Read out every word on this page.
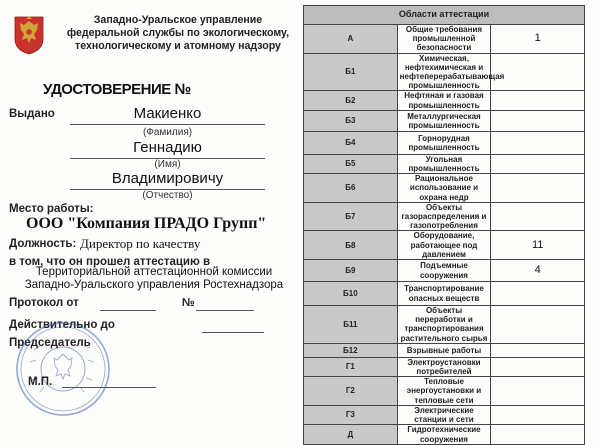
Западно-Уральское управление федеральной службы по экологическому, технологическому и атомному надзору
УДОСТОВЕРЕНИЕ №
Выдано	Макиенко
(Фамилия)
Геннадию
(Имя)
Владимировичу
(Отчество)
Место работы:
ООО "Компания ПРАДО Групп"
Должность: Директор по качеству
в том, что он прошел аттестацию в
Территориальной аттестационной комиссии
Западно-Уральского управления Ростехнадзора
Протокол от	№
Действительно до
Председатель
М.П.
Области аттестации		
А	Общие требования промышленной безопасности	1
Б1	Химическая, нефтехимическая и нефтеперерабатывающая промышленность	
Б2	Нефтяная и газовая промышленность	
Б3	Металлургическая промышленность	
Б4	Горнорудная промышленность	
Б5	Угольная промышленность	
Б6	Рациональное использование и охрана недр	
Б7	Объекты газораспределения и газопотребления	
Б8	Оборудование, работающее под давлением	11
Б9	Подъемные сооружения	4
Б10	Транспортирование опасных веществ	
Б11	Объекты переработки и транспортирования растительного сырья	
Б12	Взрывные работы	
Г1	Электроустановки потребителей	
Г2	Тепловые энергоустановки и тепловые сети	
Г3	Электрические станции и сети	
Д	Гидротехнические сооружения	
